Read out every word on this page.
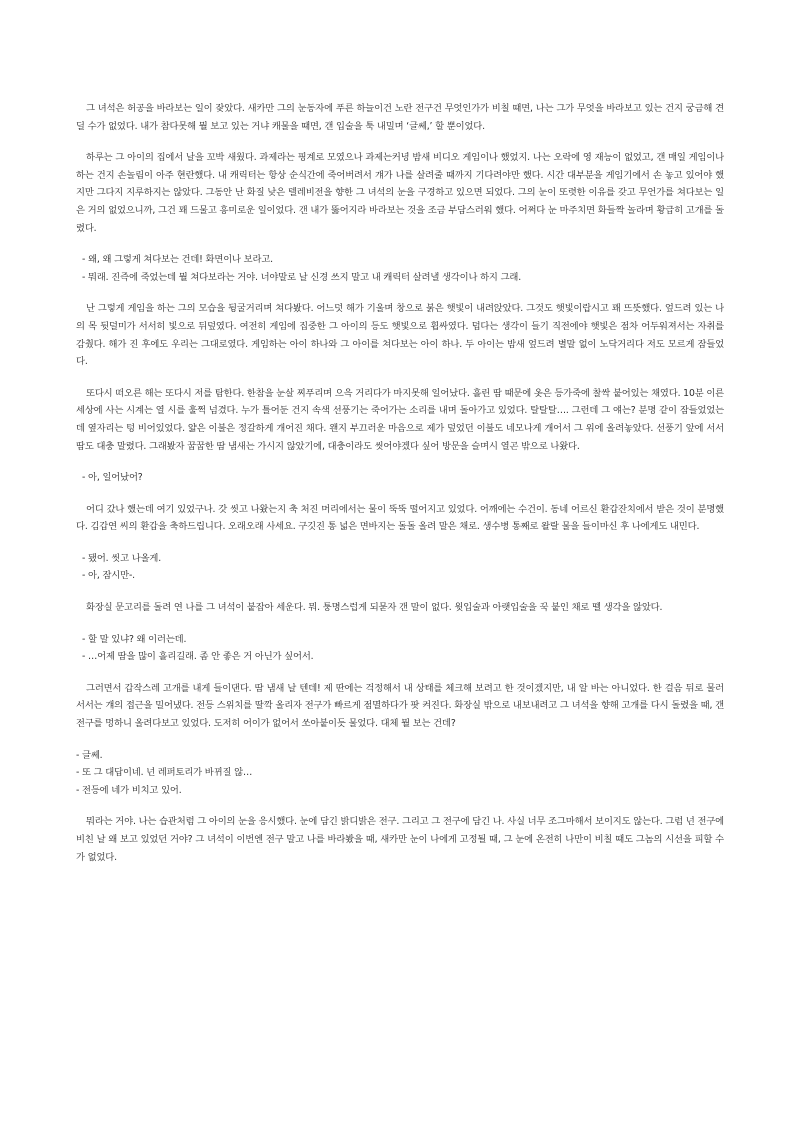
그 녀석은 허공을 바라보는 일이 잦았다. 새카만 그의 눈동자에 푸른 하늘이건 노란 전구건 무엇인가가 비칠 때면, 나는 그가 무엇을 바라보고 있는 건지 궁금해 견딜 수가 없었다. 내가 참다못해 뭘 보고 있는 거냐 캐물을 때면, 갠 입술을 툭 내밀며 ‘글쎄,’ 할 뿐이었다.

하루는 그 아이의 집에서 날을 꼬박 새웠다. 과제라는 핑계로 모였으나 과제는커녕 밤새 비디오 게임이나 했었지. 나는 오락에 영 재능이 없었고, 갠 매일 게임이나 하는 건지 손놀림이 아주 현란했다. 내 캐릭터는 항상 순식간에 죽어버려서 걔가 나를 살려줄 때까지 기다려야만 했다. 시간 대부분을 게임기에서 손 놓고 있어야 했지만 그다지 지루하지는 않았다. 그동안 난 화질 낮은 텔레비전을 향한 그 녀석의 눈을 구경하고 있으면 되었다. 그의 눈이 또렷한 이유를 갖고 무언가를 쳐다보는 일은 거의 없었으니까, 그건 꽤 드물고 흥미로운 일이었다. 갠 내가 뚫어지라 바라보는 것을 조금 부담스러워 했다. 어쩌다 눈 마주치면 화들짝 놀라며 황급히 고개를 돌렸다.

- 왜, 왜 그렇게 쳐다보는 건데! 화면이나 보라고.
- 뭐래. 진즉에 죽었는데 뭘 쳐다보라는 거야. 너야말로 날 신경 쓰지 말고 내 캐릭터 살려낼 생각이나 하지 그래.

난 그렇게 게임을 하는 그의 모습을 뒹굴거리며 쳐다봤다. 어느덧 해가 기울며 창으로 붉은 햇빛이 내려앉았다. 그것도 햇빛이랍시고 꽤 뜨뜻했다. 엎드려 있는 나의 목 뒷덜미가 서서히 빛으로 뒤덮였다. 여전히 게임에 집중한 그 아이의 등도 햇빛으로 휩싸였다. 덥다는 생각이 들기 직전에야 햇빛은 점차 어두워져서는 자취를 감췄다. 해가 진 후에도 우리는 그대로였다. 게임하는 아이 하나와 그 아이를 쳐다보는 아이 하나. 두 아이는 밤새 엎드려 별말 없이 노닥거리다 저도 모르게 잠들었다.

또다시 떠오른 해는 또다시 저를 탐한다. 한참을 눈살 찌푸리며 으윽 거리다가 마지못해 일어났다. 흘린 땀 때문에 옷은 등가죽에 찰싹 붙어있는 채였다. 10분 이른 세상에 사는 시계는 열 시를 훌쩍 넘겼다. 누가 틀어둔 건지 속색 선풍기는 죽어가는 소리를 내며 돌아가고 있었다. 탈탈탈…. 그런데 그 얘는? 분명 같이 잠들었었는데 옆자리는 텅 비어있었다. 얇은 이불은 정갈하게 개어진 채다. 왠지 부끄러운 마음으로 제가 덮었던 이불도 네모나게 개어서 그 위에 올려놓았다. 선풍기 앞에 서서 땀도 대충 말렸다. 그래봤자 꿉꿉한 땀 냄새는 가시지 않았기에, 대충이라도 씻어야겠다 싶어 방문을 슬며시 열곤 밖으로 나왔다.

- 아, 일어났어?

어디 갔나 했는데 여기 있었구나. 갓 씻고 나왔는지 축 처진 머리에서는 물이 뚝뚝 떨어지고 있었다. 어깨에는 수건이. 동네 어르신 환갑잔치에서 받은 것이 분명했다. 김갑연 씨의 환갑을 축하드립니다. 오래오래 사세요. 구깃진 통 넓은 면바지는 돌돌 올려 말은 채로. 생수병 통째로 왈랄 물을 들이마신 후 나에게도 내민다.

- 됐어. 씻고 나올게.
- 아, 잠시만-.

화장실 문고리를 돌려 연 나를 그 녀석이 붙잡아 세운다. 뭐. 퉁명스럽게 되묻자 갠 말이 없다. 윗입술과 아랫입술을 꾹 붙인 채로 뗄 생각을 않았다.

- 할 말 있냐? 왜 이러는데.
- …어제 땀을 많이 흘리길래. 좀 안 좋은 거 아닌가 싶어서.

그러면서 갑작스레 고개를 내게 들이댄다. 땀 냄새 날 텐데! 제 딴에는 걱정해서 내 상태를 체크해 보려고 한 것이겠지만, 내 알 바는 아니었다. 한 걸음 뒤로 물러서서는 걔의 접근을 밀어냈다. 전등 스위치를 딸깍 올리자 전구가 빠르게 점멸하다가 팟 켜진다. 화장실 밖으로 내보내려고 그 녀석을 향해 고개를 다시 돌렸을 때, 갠 전구를 멍하니 올려다보고 있었다. 도저히 어이가 없어서 쏘아붙이듯 물었다. 대체 뭘 보는 건데?

- 글쎄.
- 또 그 대답이네. 넌 레퍼토리가 바뀌질 않…
- 전등에 네가 비치고 있어.

뭐라는 거야. 나는 습관처럼 그 아이의 눈을 응시했다. 눈에 담긴 밝디밝은 전구. 그리고 그 전구에 담긴 나. 사실 너무 조그마해서 보이지도 않는다. 그럼 넌 전구에 비친 날 왜 보고 있었던 거야? 그 녀석이 이번엔 전구 말고 나를 바라봤을 때, 새카만 눈이 나에게 고정될 때, 그 눈에 온전히 나만이 비칠 때도 그놈의 시선을 피할 수가 없었다.
